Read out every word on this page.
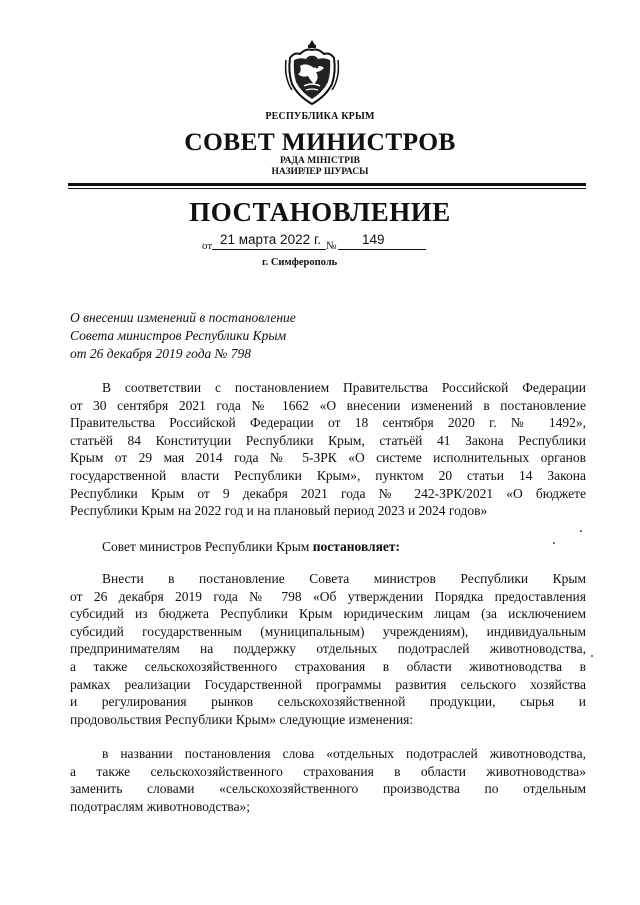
РЕСПУБЛИКА КРЫМ
СОВЕТ МИНИСТРОВ
РАДА МІНІСТРІВ
НАЗИРЛЕР ШУРАСЫ
ПОСТАНОВЛЕНИЕ
от 21 марта 2022 г. № 149
г. Симферополь
О внесении изменений в постановление
Совета министров Республики Крым
от 26 декабря 2019 года № 798
В соответствии с постановлением Правительства Российской Федерации
от 30 сентября 2021 года № 1662 «О внесении изменений в постановление
Правительства Российской Федерации от 18 сентября 2020 г. № 1492»,
статьёй 84 Конституции Республики Крым, статьёй 41 Закона Республики
Крым от 29 мая 2014 года № 5-ЗРК «О системе исполнительных органов
государственной власти Республики Крым», пунктом 20 статьи 14 Закона
Республики Крым от 9 декабря 2021 года № 242-ЗРК/2021 «О бюджете
Республики Крым на 2022 год и на плановый период 2023 и 2024 годов»
Совет министров Республики Крым постановляет:
Внести в постановление Совета министров Республики Крым
от 26 декабря 2019 года № 798 «Об утверждении Порядка предоставления
субсидий из бюджета Республики Крым юридическим лицам (за исключением
субсидий государственным (муниципальным) учреждениям), индивидуальным
предпринимателям на поддержку отдельных подотраслей животноводства,
а также сельскохозяйственного страхования в области животноводства в
рамках реализации Государственной программы развития сельского хозяйства
и регулирования рынков сельскохозяйственной продукции, сырья и
продовольствия Республики Крым» следующие изменения:
в названии постановления слова «отдельных подотраслей животноводства,
а также сельскохозяйственного страхования в области животноводства»
заменить словами «сельскохозяйственного производства по отдельным
подотраслям животноводства»;
